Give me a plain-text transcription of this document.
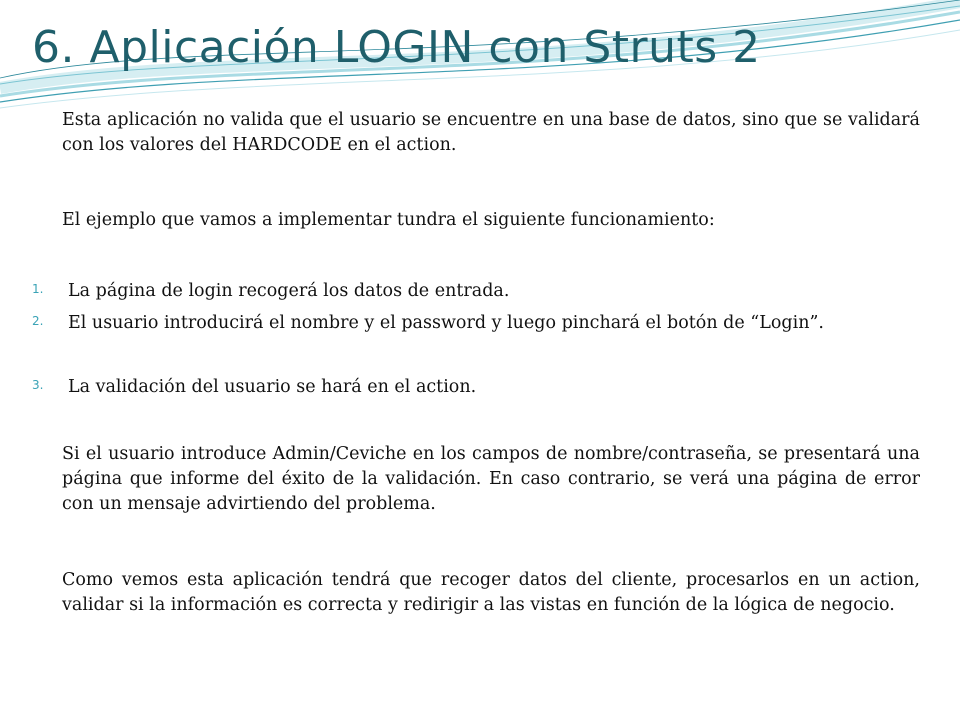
6. Aplicación LOGIN con Struts 2

Esta aplicación no valida que el usuario se encuentre en una base de datos, sino que se validará con los valores del HARDCODE en el action.

El ejemplo que vamos a implementar tundra el siguiente funcionamiento:

1. La página de login recogerá los datos de entrada.

2. El usuario introducirá el nombre y el password y luego pinchará el botón de “Login”.

3. La validación del usuario se hará en el action.

Si el usuario introduce Admin/Ceviche en los campos de nombre/contraseña, se presentará una página que informe del éxito de la validación. En caso contrario, se verá una página de error con un mensaje advirtiendo del problema.

Como vemos esta aplicación tendrá que recoger datos del cliente, procesarlos en un action, validar si la información es correcta y redirigir a las vistas en función de la lógica de negocio.
